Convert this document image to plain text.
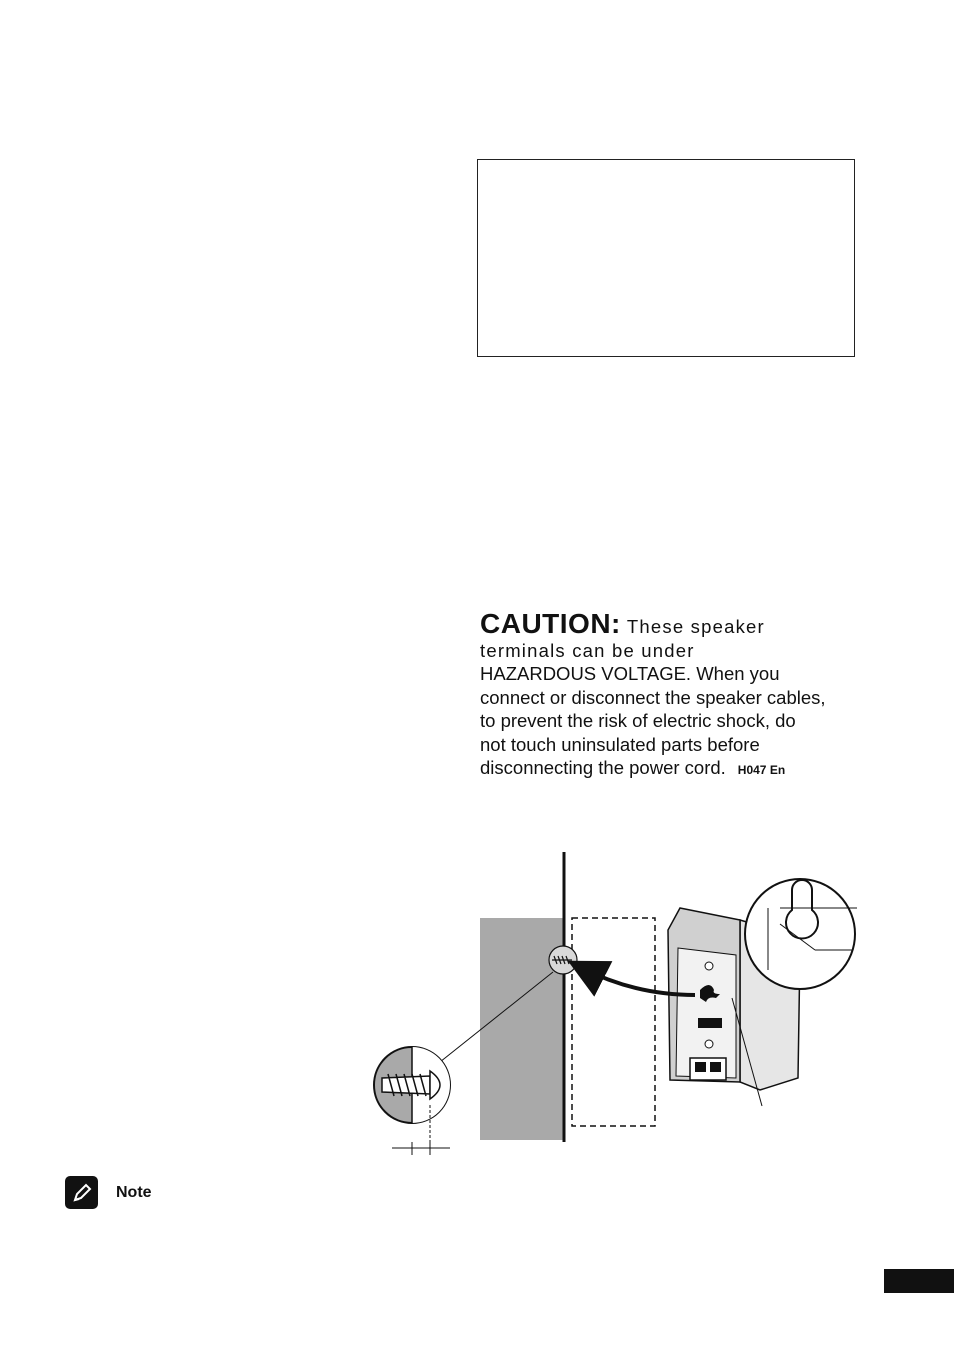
CAUTION: These speaker
terminals can be under
HAZARDOUS VOLTAGE. When you
connect or disconnect the speaker cables,
to prevent the risk of electric shock, do
not touch uninsulated parts before
disconnecting the power cord. H047 En
Note
